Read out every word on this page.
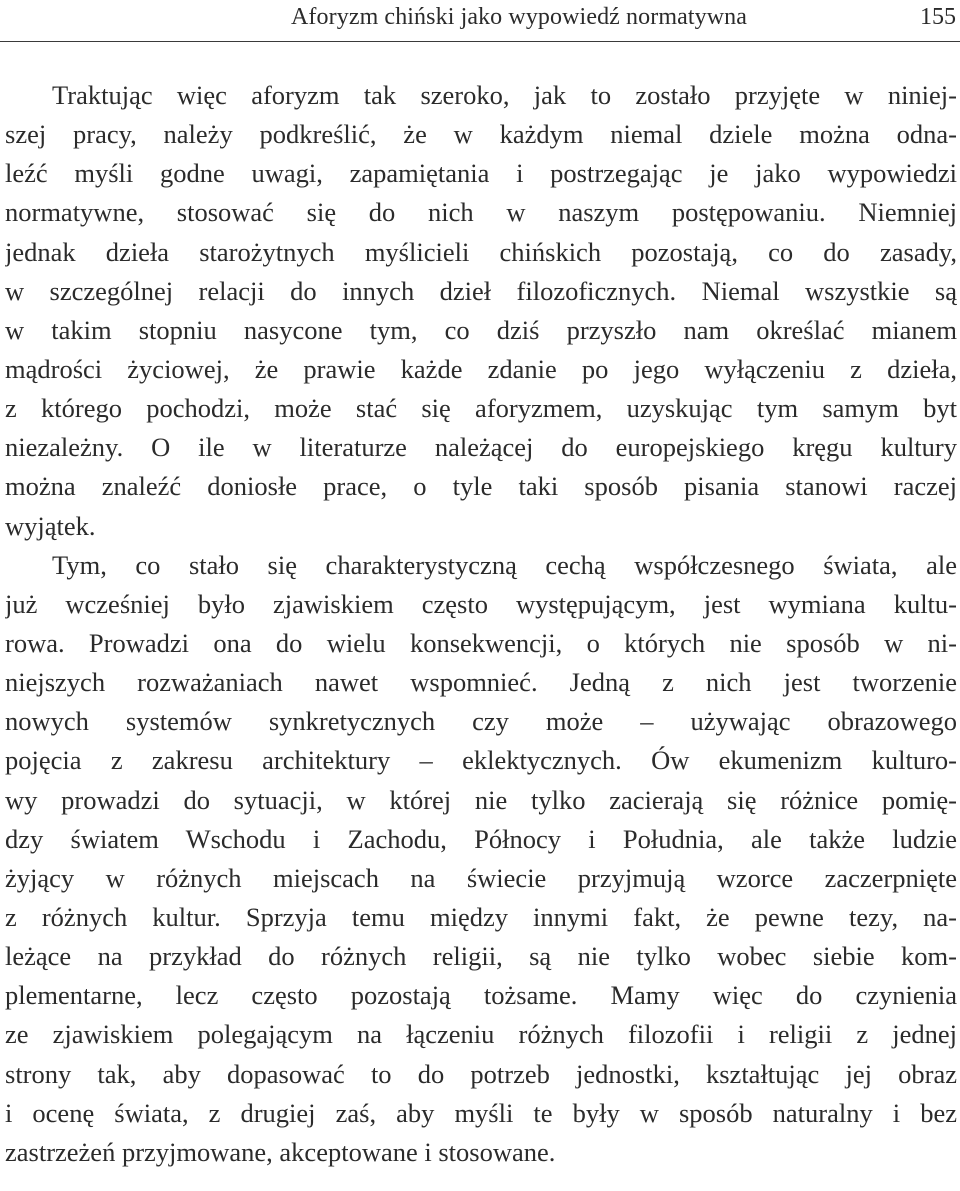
Aforyzm chiński jako wypowiedź normatywna	155
Traktując więc aforyzm tak szeroko, jak to zostało przyjęte w niniej-
szej pracy, należy podkreślić, że w każdym niemal dziele można odna-
leźć myśli godne uwagi, zapamiętania i postrzegając je jako wypowiedzi
normatywne, stosować się do nich w naszym postępowaniu. Niemniej
jednak dzieła starożytnych myślicieli chińskich pozostają, co do zasady,
w szczególnej relacji do innych dzieł filozoficznych. Niemal wszystkie są
w takim stopniu nasycone tym, co dziś przyszło nam określać mianem
mądrości życiowej, że prawie każde zdanie po jego wyłączeniu z dzieła,
z którego pochodzi, może stać się aforyzmem, uzyskując tym samym byt
niezależny. O ile w literaturze należącej do europejskiego kręgu kultury
można znaleźć doniosłe prace, o tyle taki sposób pisania stanowi raczej
wyjątek.
Tym, co stało się charakterystyczną cechą współczesnego świata, ale
już wcześniej było zjawiskiem często występującym, jest wymiana kultu-
rowa. Prowadzi ona do wielu konsekwencji, o których nie sposób w ni-
niejszych rozważaniach nawet wspomnieć. Jedną z nich jest tworzenie
nowych systemów synkretycznych czy może – używając obrazowego
pojęcia z zakresu architektury – eklektycznych. Ów ekumenizm kulturo-
wy prowadzi do sytuacji, w której nie tylko zacierają się różnice pomię-
dzy światem Wschodu i Zachodu, Północy i Południa, ale także ludzie
żyjący w różnych miejscach na świecie przyjmują wzorce zaczerpnięte
z różnych kultur. Sprzyja temu między innymi fakt, że pewne tezy, na-
leżące na przykład do różnych religii, są nie tylko wobec siebie kom-
plementarne, lecz często pozostają tożsame. Mamy więc do czynienia
ze zjawiskiem polegającym na łączeniu różnych filozofii i religii z jednej
strony tak, aby dopasować to do potrzeb jednostki, kształtując jej obraz
i ocenę świata, z drugiej zaś, aby myśli te były w sposób naturalny i bez
zastrzeżeń przyjmowane, akceptowane i stosowane.
